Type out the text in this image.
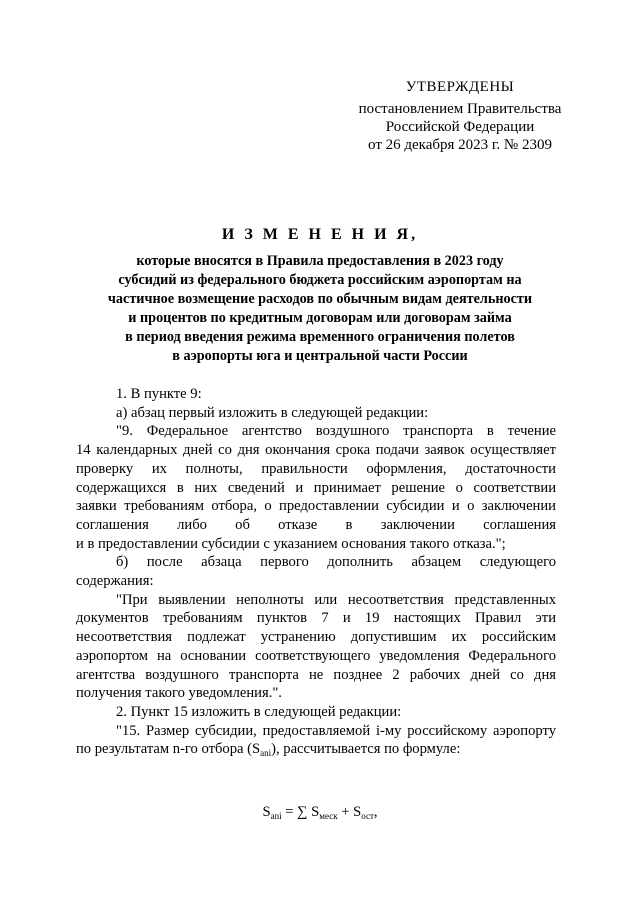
УТВЕРЖДЕНЫ
постановлением Правительства
Российской Федерации
от 26 декабря 2023 г. № 2309
И З М Е Н Е Н И Я,
которые вносятся в Правила предоставления в 2023 году
субсидий из федерального бюджета российским аэропортам на
частичное возмещение расходов по обычным видам деятельности
и процентов по кредитным договорам или договорам займа
в период введения режима временного ограничения полетов
в аэропорты юга и центральной части России
1. В пункте 9:
а) абзац первый изложить в следующей редакции:
"9. Федеральное агентство воздушного транспорта в течение
14 календарных дней со дня окончания срока подачи заявок осуществляет
проверку их полноты, правильности оформления, достаточности
содержащихся в них сведений и принимает решение о соответствии
заявки требованиям отбора, о предоставлении субсидии и о заключении
соглашения либо об отказе в заключении соглашения
и в предоставлении субсидии с указанием основания такого отказа.";
б) после абзаца первого дополнить абзацем следующего
содержания:
"При выявлении неполноты или несоответствия представленных
документов требованиям пунктов 7 и 19 настоящих Правил эти
несоответствия подлежат устранению допустившим их российским
аэропортом на основании соответствующего уведомления Федерального
агентства воздушного транспорта не позднее 2 рабочих дней со дня
получения такого уведомления.".
2. Пункт 15 изложить в следующей редакции:
"15. Размер субсидии, предоставляемой i-му российскому аэропорту
по результатам n-го отбора $(S_{ani})$, рассчитывается по формуле:
$S_{ani}$ = ∑ $S_{меск} + S_{ост}$,
